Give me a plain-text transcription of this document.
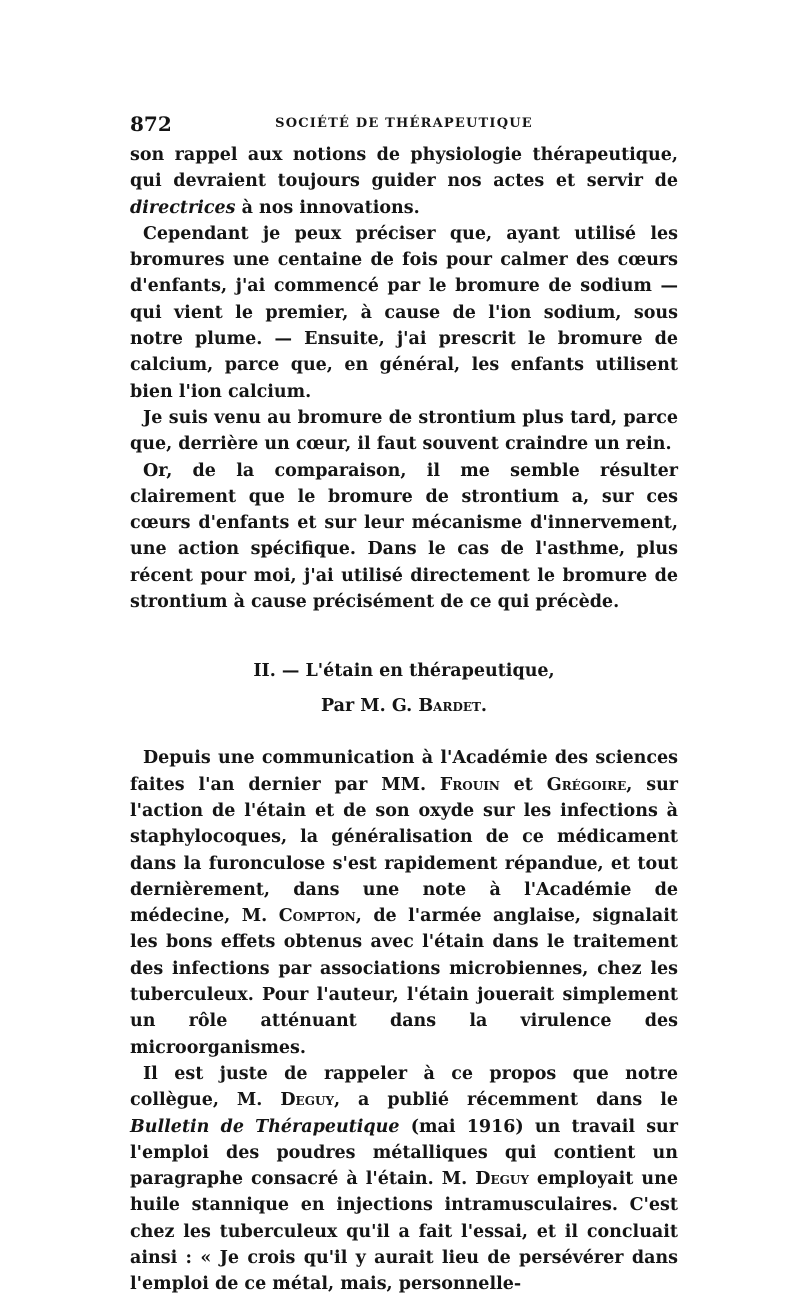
872	SOCIÉTÉ DE THÉRAPEUTIQUE

son rappel aux notions de physiologie thérapeutique, qui devraient toujours guider nos actes et servir de directrices à nos innovations.

Cependant je peux préciser que, ayant utilisé les bromures une centaine de fois pour calmer des cœurs d'enfants, j'ai commencé par le bromure de sodium — qui vient le premier, à cause de l'ion sodium, sous notre plume. — Ensuite, j'ai prescrit le bromure de calcium, parce que, en général, les enfants utilisent bien l'ion calcium.

Je suis venu au bromure de strontium plus tard, parce que, derrière un cœur, il faut souvent craindre un rein.

Or, de la comparaison, il me semble résulter clairement que le bromure de strontium a, sur ces cœurs d'enfants et sur leur mécanisme d'innervement, une action spécifique. Dans le cas de l'asthme, plus récent pour moi, j'ai utilisé directement le bromure de strontium à cause précisément de ce qui précède.

II. — L'étain en thérapeutique,
Par M. G. Bardet.

Depuis une communication à l'Académie des sciences faites l'an dernier par MM. Frouin et Grégoire, sur l'action de l'étain et de son oxyde sur les infections à staphylocoques, la généralisation de ce médicament dans la furonculose s'est rapidement répandue, et tout dernièrement, dans une note à l'Académie de médecine, M. Compton, de l'armée anglaise, signalait les bons effets obtenus avec l'étain dans le traitement des infections par associations microbiennes, chez les tuberculeux. Pour l'auteur, l'étain jouerait simplement un rôle atténuant dans la virulence des microorganismes.

Il est juste de rappeler à ce propos que notre collègue, M. Deguy, a publié récemment dans le Bulletin de Thérapeutique (mai 1916) un travail sur l'emploi des poudres métalliques qui contient un paragraphe consacré à l'étain. M. Deguy employait une huile stannique en injections intramusculaires. C'est chez les tuberculeux qu'il a fait l'essai, et il concluait ainsi : « Je crois qu'il y aurait lieu de persévérer dans l'emploi de ce métal, mais, personnelle-
